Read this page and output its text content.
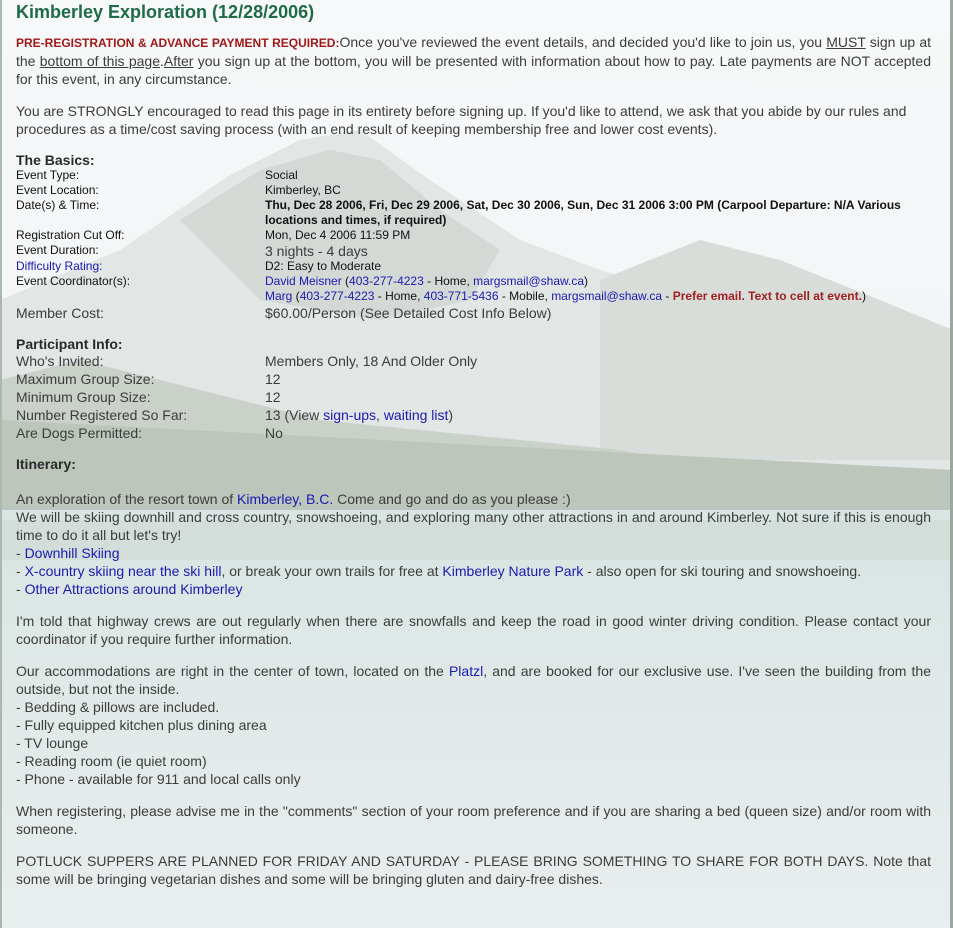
Kimberley Exploration (12/28/2006)

PRE-REGISTRATION & ADVANCE PAYMENT REQUIRED:Once you've reviewed the event details, and decided you'd like to join us, you MUST sign up at the bottom of this page.After you sign up at the bottom, you will be presented with information about how to pay. Late payments are NOT accepted for this event, in any circumstance.

You are STRONGLY encouraged to read this page in its entirety before signing up. If you'd like to attend, we ask that you abide by our rules and procedures as a time/cost saving process (with an end result of keeping membership free and lower cost events).

The Basics:
Event Type:	Social
Event Location:	Kimberley, BC
Date(s) & Time:	Thu, Dec 28 2006, Fri, Dec 29 2006, Sat, Dec 30 2006, Sun, Dec 31 2006 3:00 PM (Carpool Departure: N/A Various locations and times, if required)
Registration Cut Off:	Mon, Dec 4 2006 11:59 PM
Event Duration:	3 nights - 4 days
Difficulty Rating:	D2: Easy to Moderate
Event Coordinator(s):	David Meisner (403-277-4223 - Home, margsmail@shaw.ca)
Marg (403-277-4223 - Home, 403-771-5436 - Mobile, margsmail@shaw.ca - Prefer email. Text to cell at event.)
Member Cost:	$60.00/Person (See Detailed Cost Info Below)
Participant Info:
Who's Invited:	Members Only, 18 And Older Only
Maximum Group Size:	12
Minimum Group Size:	12
Number Registered So Far:	13 (View sign-ups, waiting list)
Are Dogs Permitted:	No
Itinerary:

An exploration of the resort town of Kimberley, B.C. Come and go and do as you please :)

We will be skiing downhill and cross country, snowshoeing, and exploring many other attractions in and around Kimberley. Not sure if this is enough time to do it all but let's try!

- Downhill Skiing

- X-country skiing near the ski hill, or break your own trails for free at Kimberley Nature Park - also open for ski touring and snowshoeing.

- Other Attractions around Kimberley

I'm told that highway crews are out regularly when there are snowfalls and keep the road in good winter driving condition. Please contact your coordinator if you require further information.

Our accommodations are right in the center of town, located on the Platzl, and are booked for our exclusive use. I've seen the building from the outside, but not the inside.

- Bedding & pillows are included.

- Fully equipped kitchen plus dining area

- TV lounge

- Reading room (ie quiet room)

- Phone - available for 911 and local calls only

When registering, please advise me in the "comments" section of your room preference and if you are sharing a bed (queen size) and/or room with someone.

POTLUCK SUPPERS ARE PLANNED FOR FRIDAY AND SATURDAY - PLEASE BRING SOMETHING TO SHARE FOR BOTH DAYS. Note that some will be bringing vegetarian dishes and some will be bringing gluten and dairy-free dishes.
